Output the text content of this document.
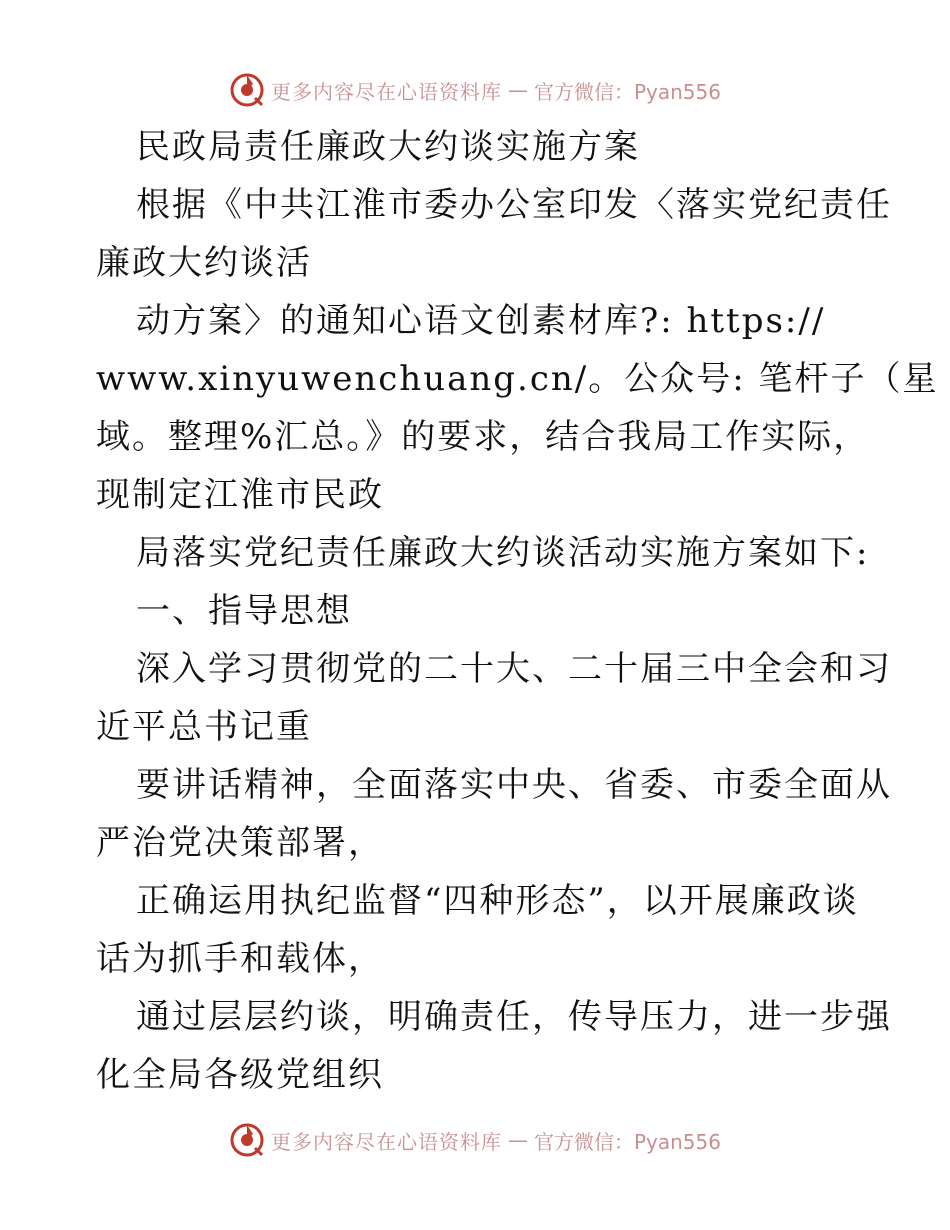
更多内容尽在心语资料库 — 官方微信：Pyan556
民政局责任廉政大约谈实施方案
根据《中共江淮市委办公室印发〈落实党纪责任
廉政大约谈活
动方案〉的通知心语文创素材库?: https://
www.xinyuwenchuang.cn/。公众号: 笔杆子（星
域。整理%汇总。》的要求，结合我局工作实际，
现制定江淮市民政
局落实党纪责任廉政大约谈活动实施方案如下:
一、指导思想
深入学习贯彻党的二十大、二十届三中全会和习
近平总书记重
要讲话精神，全面落实中央、省委、市委全面从
严治党决策部署，
正确运用执纪监督“四种形态”，以开展廉政谈
话为抓手和载体，
通过层层约谈，明确责任，传导压力，进一步强
化全局各级党组织
更多内容尽在心语资料库 — 官方微信：Pyan556
